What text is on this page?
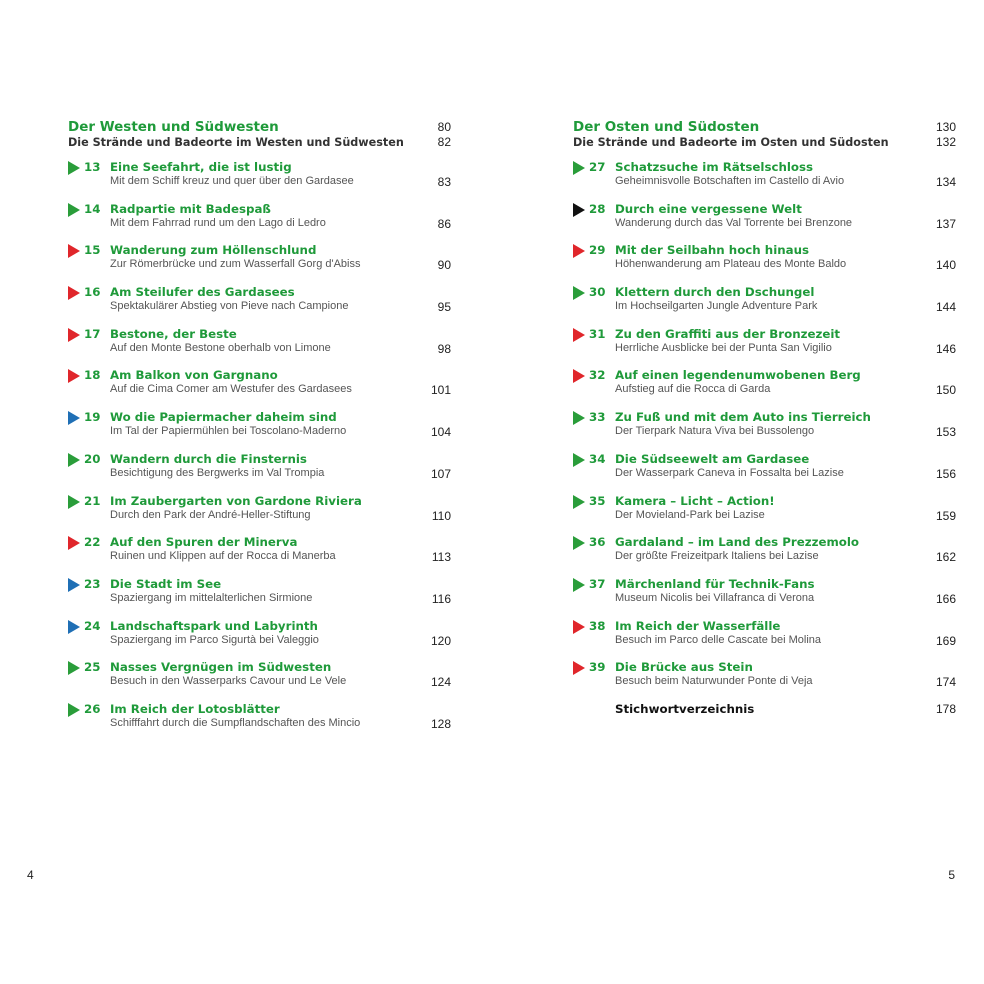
Der Westen und Südwesten	80
Die Strände und Badeorte im Westen und Südwesten	82
13 Eine Seefahrt, die ist lustig
Mit dem Schiff kreuz und quer über den Gardasee	83
14 Radpartie mit Badespaß
Mit dem Fahrrad rund um den Lago di Ledro	86
15 Wanderung zum Höllenschlund
Zur Römerbrücke und zum Wasserfall Gorg d'Abiss	90
16 Am Steilufer des Gardasees
Spektakulärer Abstieg von Pieve nach Campione	95
17 Bestone, der Beste
Auf den Monte Bestone oberhalb von Limone	98
18 Am Balkon von Gargnano
Auf die Cima Comer am Westufer des Gardasees	101
19 Wo die Papiermacher daheim sind
Im Tal der Papiermühlen bei Toscolano-Maderno	104
20 Wandern durch die Finsternis
Besichtigung des Bergwerks im Val Trompia	107
21 Im Zaubergarten von Gardone Riviera
Durch den Park der André-Heller-Stiftung	110
22 Auf den Spuren der Minerva
Ruinen und Klippen auf der Rocca di Manerba	113
23 Die Stadt im See
Spaziergang im mittelalterlichen Sirmione	116
24 Landschaftspark und Labyrinth
Spaziergang im Parco Sigurtà bei Valeggio	120
25 Nasses Vergnügen im Südwesten
Besuch in den Wasserparks Cavour und Le Vele	124
26 Im Reich der Lotosblätter
Schifffahrt durch die Sumpflandschaften des Mincio	128
Der Osten und Südosten	130
Die Strände und Badeorte im Osten und Südosten	132
27 Schatzsuche im Rätselschloss
Geheimnisvolle Botschaften im Castello di Avio	134
28 Durch eine vergessene Welt
Wanderung durch das Val Torrente bei Brenzone	137
29 Mit der Seilbahn hoch hinaus
Höhenwanderung am Plateau des Monte Baldo	140
30 Klettern durch den Dschungel
Im Hochseilgarten Jungle Adventure Park	144
31 Zu den Graffiti aus der Bronzezeit
Herrliche Ausblicke bei der Punta San Vigilio	146
32 Auf einen legendenumwobenen Berg
Aufstieg auf die Rocca di Garda	150
33 Zu Fuß und mit dem Auto ins Tierreich
Der Tierpark Natura Viva bei Bussolengo	153
34 Die Südseewelt am Gardasee
Der Wasserpark Caneva in Fossalta bei Lazise	156
35 Kamera – Licht – Action!
Der Movieland-Park bei Lazise	159
36 Gardaland – im Land des Prezzemolo
Der größte Freizeitpark Italiens bei Lazise	162
37 Märchenland für Technik-Fans
Museum Nicolis bei Villafranca di Verona	166
38 Im Reich der Wasserfälle
Besuch im Parco delle Cascate bei Molina	169
39 Die Brücke aus Stein
Besuch beim Naturwunder Ponte di Veja	174
Stichwortverzeichnis	178
4	5
